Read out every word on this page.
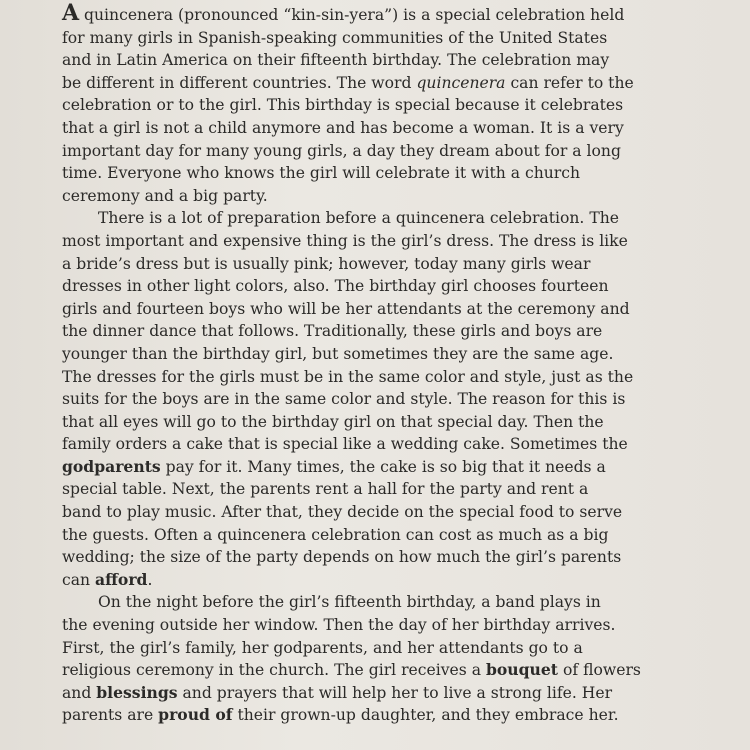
A quincenera (pronounced “kin-sin-yera”) is a special celebration held
for many girls in Spanish-speaking communities of the United States
and in Latin America on their fifteenth birthday. The celebration may
be different in different countries. The word quincenera can refer to the
celebration or to the girl. This birthday is special because it celebrates
that a girl is not a child anymore and has become a woman. It is a very
important day for many young girls, a day they dream about for a long
time. Everyone who knows the girl will celebrate it with a church
ceremony and a big party.
There is a lot of preparation before a quincenera celebration. The
most important and expensive thing is the girl’s dress. The dress is like
a bride’s dress but is usually pink; however, today many girls wear
dresses in other light colors, also. The birthday girl chooses fourteen
girls and fourteen boys who will be her attendants at the ceremony and
the dinner dance that follows. Traditionally, these girls and boys are
younger than the birthday girl, but sometimes they are the same age.
The dresses for the girls must be in the same color and style, just as the
suits for the boys are in the same color and style. The reason for this is
that all eyes will go to the birthday girl on that special day. Then the
family orders a cake that is special like a wedding cake. Sometimes the
godparents pay for it. Many times, the cake is so big that it needs a
special table. Next, the parents rent a hall for the party and rent a
band to play music. After that, they decide on the special food to serve
the guests. Often a quincenera celebration can cost as much as a big
wedding; the size of the party depends on how much the girl’s parents
can afford.
On the night before the girl’s fifteenth birthday, a band plays in
the evening outside her window. Then the day of her birthday arrives.
First, the girl’s family, her godparents, and her attendants go to a
religious ceremony in the church. The girl receives a bouquet of flowers
and blessings and prayers that will help her to live a strong life. Her
parents are proud of their grown-up daughter, and they embrace her.
